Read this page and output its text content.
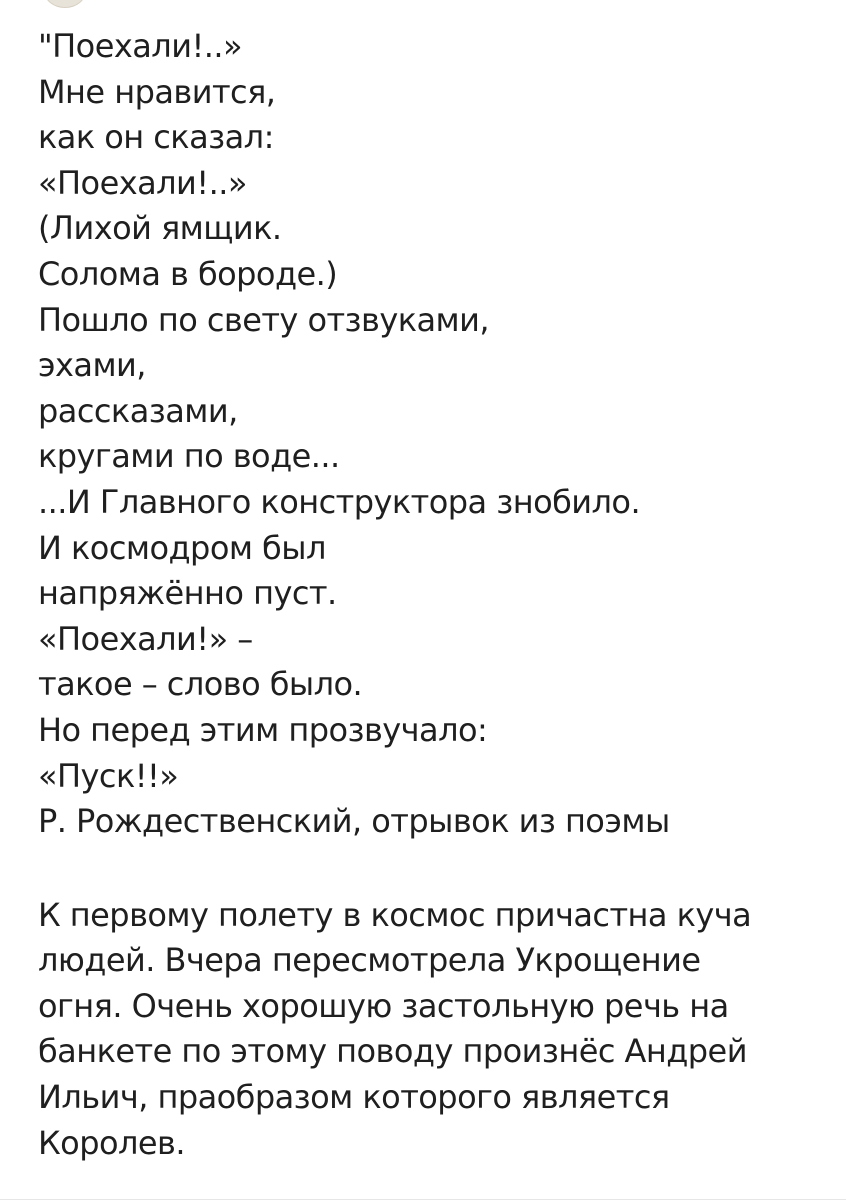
"Поехали!..»
Мне нравится,
как он сказал:
«Поехали!..»
(Лихой ямщик.
Солома в бороде.)
Пошло по свету отзвуками,
эхами,
рассказами,
кругами по воде...
...И Главного конструктора знобило.
И космодром был
напряжённо пуст.
«Поехали!» –
такое – слово было.
Но перед этим прозвучало:
«Пуск!!»
Р. Рождественский, отрывок из поэмы

К первому полету в космос причастна куча
людей. Вчера пересмотрела Укрощение
огня. Очень хорошую застольную речь на
банкете по этому поводу произнёс Андрей
Ильич, праобразом которого является
Королев.
